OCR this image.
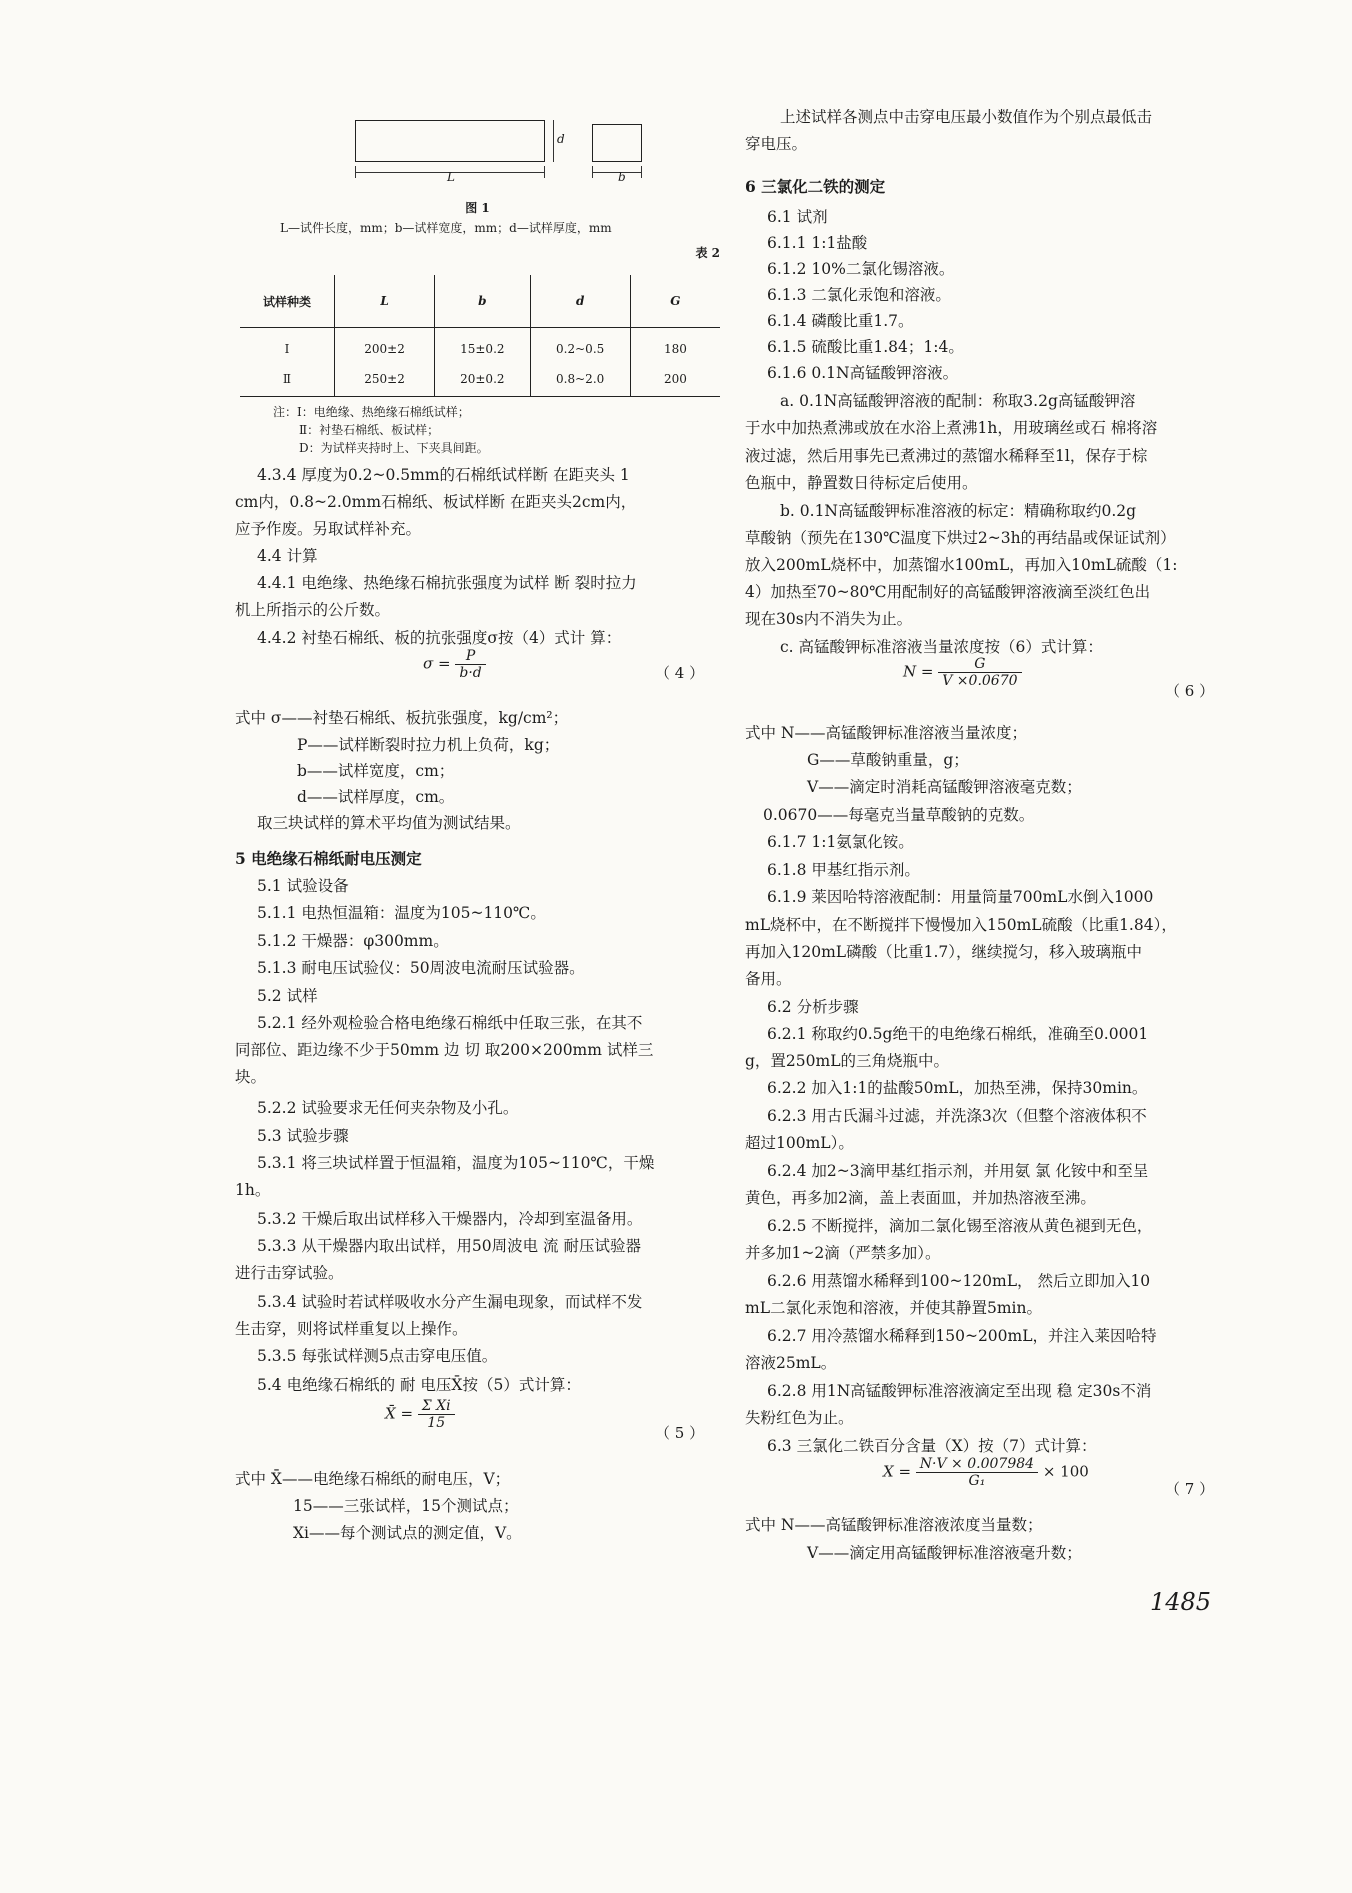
d
L	b
图 1
L—试件长度，mm；b—试样宽度，mm；d—试样厚度，mm
表 2
试样种类	L	b	d	G
Ⅰ	200±2	15±0.2	0.2~0.5	180
Ⅱ	250±2	20±0.2	0.8~2.0	200
注：Ⅰ：电绝缘、热绝缘石棉纸试样；
Ⅱ：衬垫石棉纸、板试样；
D：为试样夹持时上、下夹具间距。
4.3.4 厚度为0.2~0.5mm的石棉纸试样断 在距夹头 1
cm内，0.8~2.0mm石棉纸、板试样断 在距夹头2cm内，
应予作废。另取试样补充。
4.4 计算
4.4.1 电绝缘、热绝缘石棉抗张强度为试样 断 裂时拉力
机上所指示的公斤数。
4.4.2 衬垫石棉纸、板的抗张强度σ按（4）式计 算：
$\sigma = \frac{P}{b\cdot d}$	（ 4 ）
式中 σ——衬垫石棉纸、板抗张强度，kg/cm²；
P——试样断裂时拉力机上负荷，kg；
b——试样宽度，cm；
d——试样厚度，cm。
取三块试样的算术平均值为测试结果。
5 电绝缘石棉纸耐电压测定
5.1 试验设备
5.1.1 电热恒温箱：温度为105~110℃。
5.1.2 干燥器：φ300mm。
5.1.3 耐电压试验仪：50周波电流耐压试验器。
5.2 试样
5.2.1 经外观检验合格电绝缘石棉纸中任取三张，在其不
同部位、距边缘不少于50mm 边 切 取200×200mm 试样三
块。
5.2.2 试验要求无任何夹杂物及小孔。
5.3 试验步骤
5.3.1 将三块试样置于恒温箱，温度为105~110℃，干燥
1h。
5.3.2 干燥后取出试样移入干燥器内，冷却到室温备用。
5.3.3 从干燥器内取出试样，用50周波电 流 耐压试验器
进行击穿试验。
5.3.4 试验时若试样吸收水分产生漏电现象，而试样不发
生击穿，则将试样重复以上操作。
5.3.5 每张试样测5点击穿电压值。
5.4 电绝缘石棉纸的 耐 电压X̄按（5）式计算：
X̄ = $\frac{\text{Σ Xi}}{15}$
（ 5 ）
式中 X̄——电绝缘石棉纸的耐电压，V；
15——三张试样，15个测试点；
Xi——每个测试点的测定值，V。
上述试样各测点中击穿电压最小数值作为个别点最低击
穿电压。
6 三氯化二铁的测定
6.1 试剂
6.1.1 1:1盐酸
6.1.2 10%二氯化锡溶液。
6.1.3 二氯化汞饱和溶液。
6.1.4 磷酸比重1.7。
6.1.5 硫酸比重1.84；1:4。
6.1.6 0.1N高锰酸钾溶液。
a. 0.1N高锰酸钾溶液的配制：称取3.2g高锰酸钾溶
于水中加热煮沸或放在水浴上煮沸1h，用玻璃丝或石 棉将溶
液过滤，然后用事先已煮沸过的蒸馏水稀释至1l，保存于棕
色瓶中，静置数日待标定后使用。
b. 0.1N高锰酸钾标准溶液的标定：精确称取约0.2g
草酸钠（预先在130℃温度下烘过2~3h的再结晶或保证试剂）
放入200mL烧杯中，加蒸馏水100mL，再加入10mL硫酸（1:
4）加热至70~80℃用配制好的高锰酸钾溶液滴至淡红色出
现在30s内不消失为止。
c. 高锰酸钾标准溶液当量浓度按（6）式计算：
$N = \frac{G}{V \times 0.0670}$
（ 6 ）
式中 N——高锰酸钾标准溶液当量浓度；
G——草酸钠重量，g；
V——滴定时消耗高锰酸钾溶液毫克数；
0.0670——每毫克当量草酸钠的克数。
6.1.7 1:1氨氯化铵。
6.1.8 甲基红指示剂。
6.1.9 莱因哈特溶液配制：用量筒量700mL水倒入1000
mL烧杯中，在不断搅拌下慢慢加入150mL硫酸（比重1.84），
再加入120mL磷酸（比重1.7），继续搅匀，移入玻璃瓶中
备用。
6.2 分析步骤
6.2.1 称取约0.5g绝干的电绝缘石棉纸，准确至0.0001
g，置250mL的三角烧瓶中。
6.2.2 加入1:1的盐酸50mL，加热至沸，保持30min。
6.2.3 用古氏漏斗过滤，并洗涤3次（但整个溶液体积不
超过100mL）。
6.2.4 加2~3滴甲基红指示剂，并用氨 氯 化铵中和至呈
黄色，再多加2滴，盖上表面皿，并加热溶液至沸。
6.2.5 不断搅拌，滴加二氯化锡至溶液从黄色褪到无色，
并多加1~2滴（严禁多加）。
6.2.6 用蒸馏水稀释到100~120mL， 然后立即加入10
mL二氯化汞饱和溶液，并使其静置5min。
6.2.7 用冷蒸馏水稀释到150~200mL，并注入莱因哈特
溶液25mL。
6.2.8 用1N高锰酸钾标准溶液滴定至出现 稳 定30s不消
失粉红色为止。
6.3 三氯化二铁百分含量（X）按（7）式计算：
$X = \frac{N\cdot V \times 0.007984}{\text{G₁}} \times 100$
（ 7 ）
式中 N——高锰酸钾标准溶液浓度当量数；
V——滴定用高锰酸钾标准溶液毫升数；
1485
